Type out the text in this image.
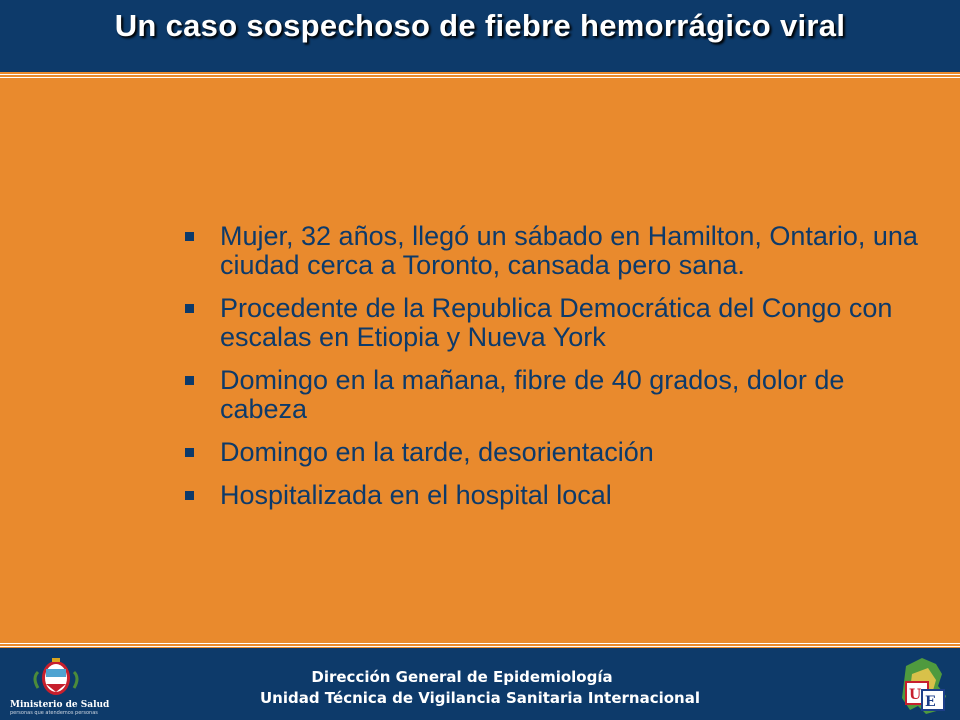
Un caso sospechoso de fiebre hemorrágico viral
Mujer, 32 años, llegó un sábado en Hamilton, Ontario, una ciudad cerca a Toronto, cansada pero sana.
Procedente de la Republica Democrática del Congo con escalas en Etiopia y Nueva York
Domingo en la mañana, fibre de 40 grados, dolor de cabeza
Domingo en la tarde, desorientación
Hospitalizada en el hospital local
Ministerio de Salud
personas que atendemos personas
Dirección General de Epidemiología
Unidad Técnica de Vigilancia Sanitaria Internacional	U E
